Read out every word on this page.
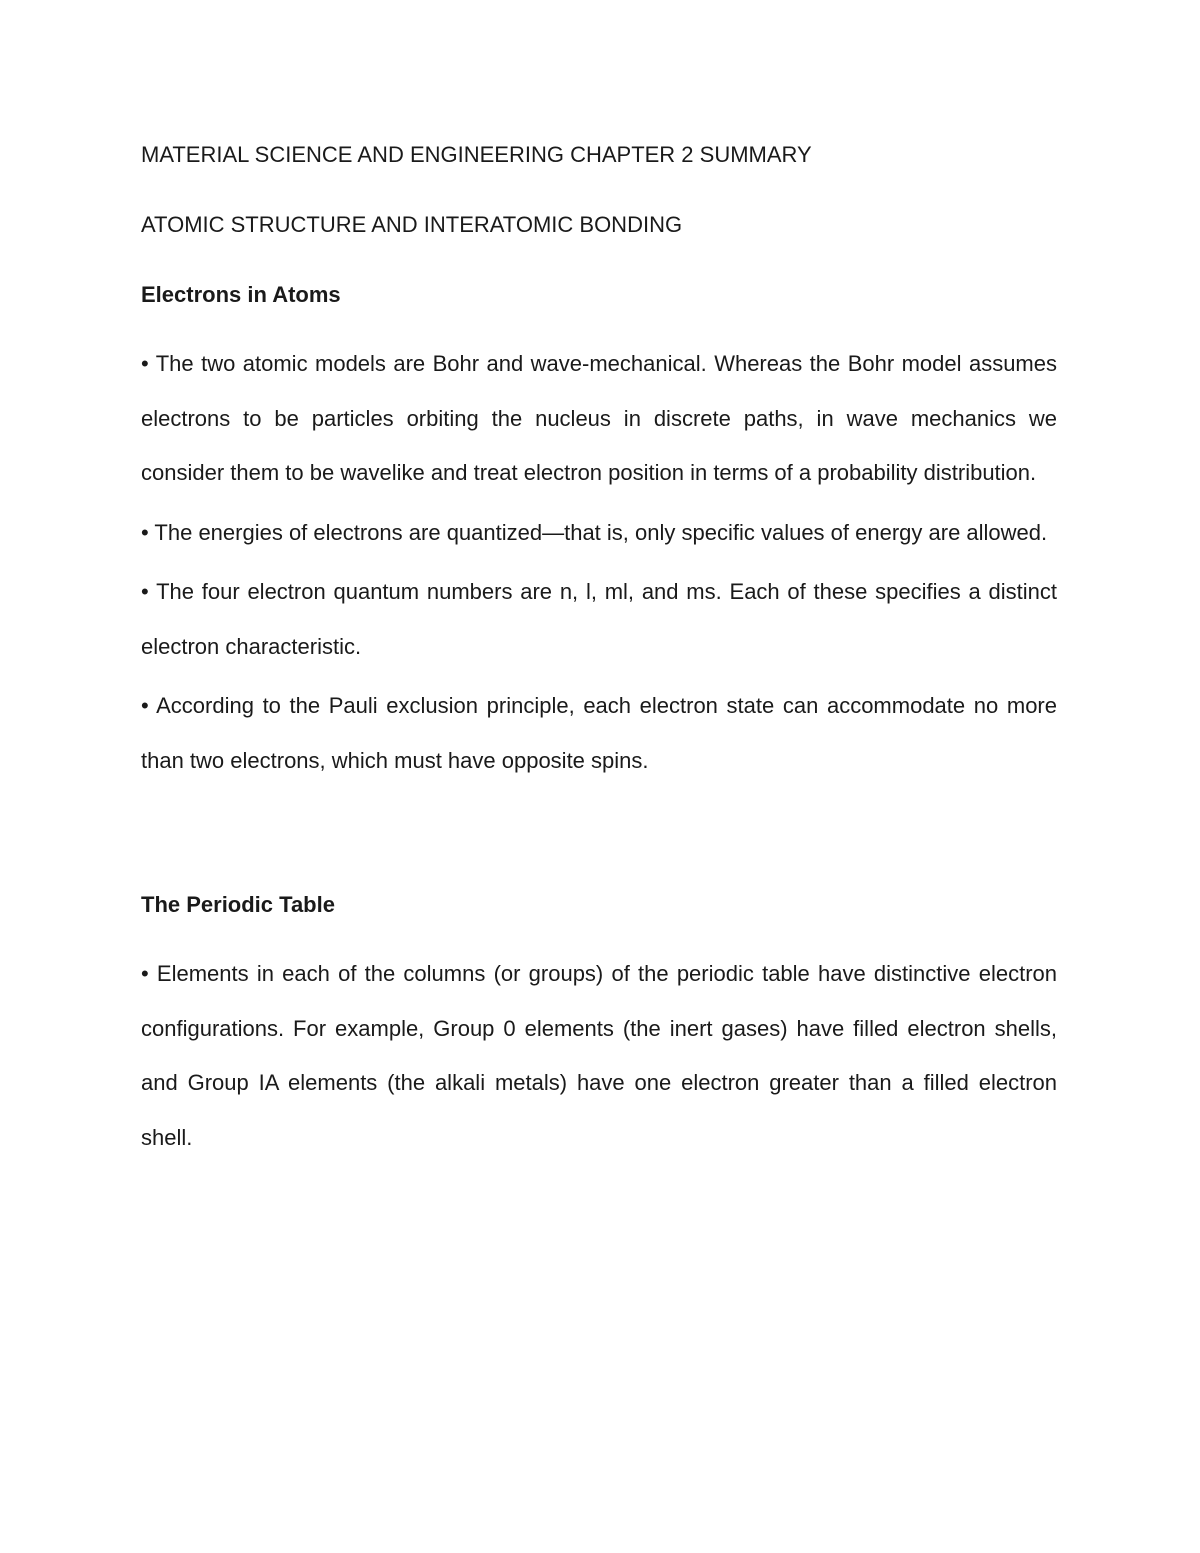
MATERIAL SCIENCE AND ENGINEERING CHAPTER 2 SUMMARY

ATOMIC STRUCTURE AND INTERATOMIC BONDING

Electrons in Atoms

• The two atomic models are Bohr and wave-mechanical. Whereas the Bohr model assumes electrons to be particles orbiting the nucleus in discrete paths, in wave mechanics we consider them to be wavelike and treat electron position in terms of a probability distribution.

• The energies of electrons are quantized—that is, only specific values of energy are allowed.

• The four electron quantum numbers are n, l, ml, and ms. Each of these specifies a distinct electron characteristic.

• According to the Pauli exclusion principle, each electron state can accommodate no more than two electrons, which must have opposite spins.

The Periodic Table

• Elements in each of the columns (or groups) of the periodic table have distinctive electron configurations. For example, Group 0 elements (the inert gases) have filled electron shells, and Group IA elements (the alkali metals) have one electron greater than a filled electron shell.
